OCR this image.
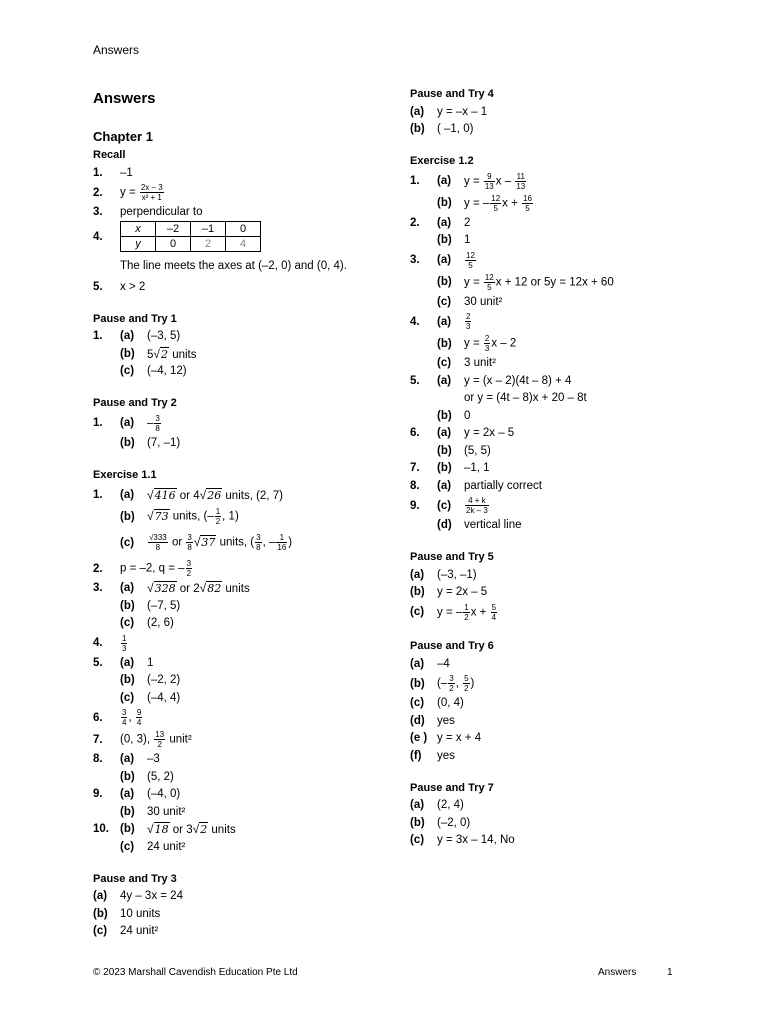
Answers
Answers
Chapter 1
Recall
1.	–1
2.	$y = \frac{2x - 3}{\text{x² + 1}}$
3.	perpendicular to
4.
x	–2	–1	0
y	0	2	4
The line meets the axes at (–2, 0) and (0, 4).
5.	x > 2
Pause and Try 1
1.	(a)	(–3, 5)
(b)	5√2 units
(c)	(–4, 12)
Pause and Try 2
1.	(a)	– $\frac{3}{8}$
(b)	(7, –1)
Exercise 1.1
1.	(a)	√416 or 4√26 units, (2, 7)
(b)	√73 units, (– $\frac{1}{2}$ , 1)
(c)	$\frac{√333}{8}$ or $\frac{3}{8} √37$ units, ( $\frac{3}{8}$ , – $\frac{1}{16}$ )
2.	p = –2, q = – $\frac{3}{2}$
3.	(a)	√328 or 2√82 units
(b)	(–7, 5)
(c)	(2, 6)
4.	$\frac{1}{3}$
5.	(a)	1
(b)	(–2, 2)
(c)	(–4, 4)
6.	$\frac{3}{4}$ , $\frac{9}{4}$
7.	(0, 3), $\frac{13}{2}$ unit²
8.	(a)	–3
(b)	(5, 2)
9.	(a)	(–4, 0)
(b)	30 unit²
10. (b)	√18 or 3√2 units
(c)	24 unit²
Pause and Try 3
(a)	4y – 3x = 24
(b)	10 units
(c)	24 unit²
Pause and Try 4
(a)	y = –x – 1
(b)	( –1, 0)
Exercise 1.2
1.	(a)	$y = \frac{9}{13}$ x – $\frac{11}{13}$
(b)	y = – $\frac{12}{5}$ $x + \frac{16}{5}$
2.	(a)	2
(b)	1
3.	(a)	$\frac{12}{5}$
(b)	$y = \frac{12}{5}$ x + 12 or 5y = 12x + 60
(c)	30 unit²
4.	(a)	$\frac{2}{3}$
(b)	$y = \frac{2}{3}$ x – 2
(c)	3 unit²
5.	(a)	y = (x – 2)(4t – 8) + 4
or y = (4t – 8)x + 20 – 8t
(b)	0
6.	(a)	y = 2x – 5
(b)	(5, 5)
7.	(b)	–1, 1
8.	(a)	partially correct
9.	(c)	$\frac{4 + k}{2k - 3}$
(d)	vertical line
Pause and Try 5
(a)	(–3, –1)
(b)	y = 2x – 5
(c)	y = – $\frac{1}{2}$ $x + \frac{5}{4}$
Pause and Try 6
(a)	–4
(b)	(– $\frac{3}{2}$ , $\frac{5}{2}$ )
(c)	(0, 4)
(d)	yes
(e ) y = x + 4
(f)	yes
Pause and Try 7
(a)	(2, 4)
(b)	(–2, 0)
(c)	y = 3x – 14, No
© 2023 Marshall Cavendish Education Pte Ltd	Answers	1
